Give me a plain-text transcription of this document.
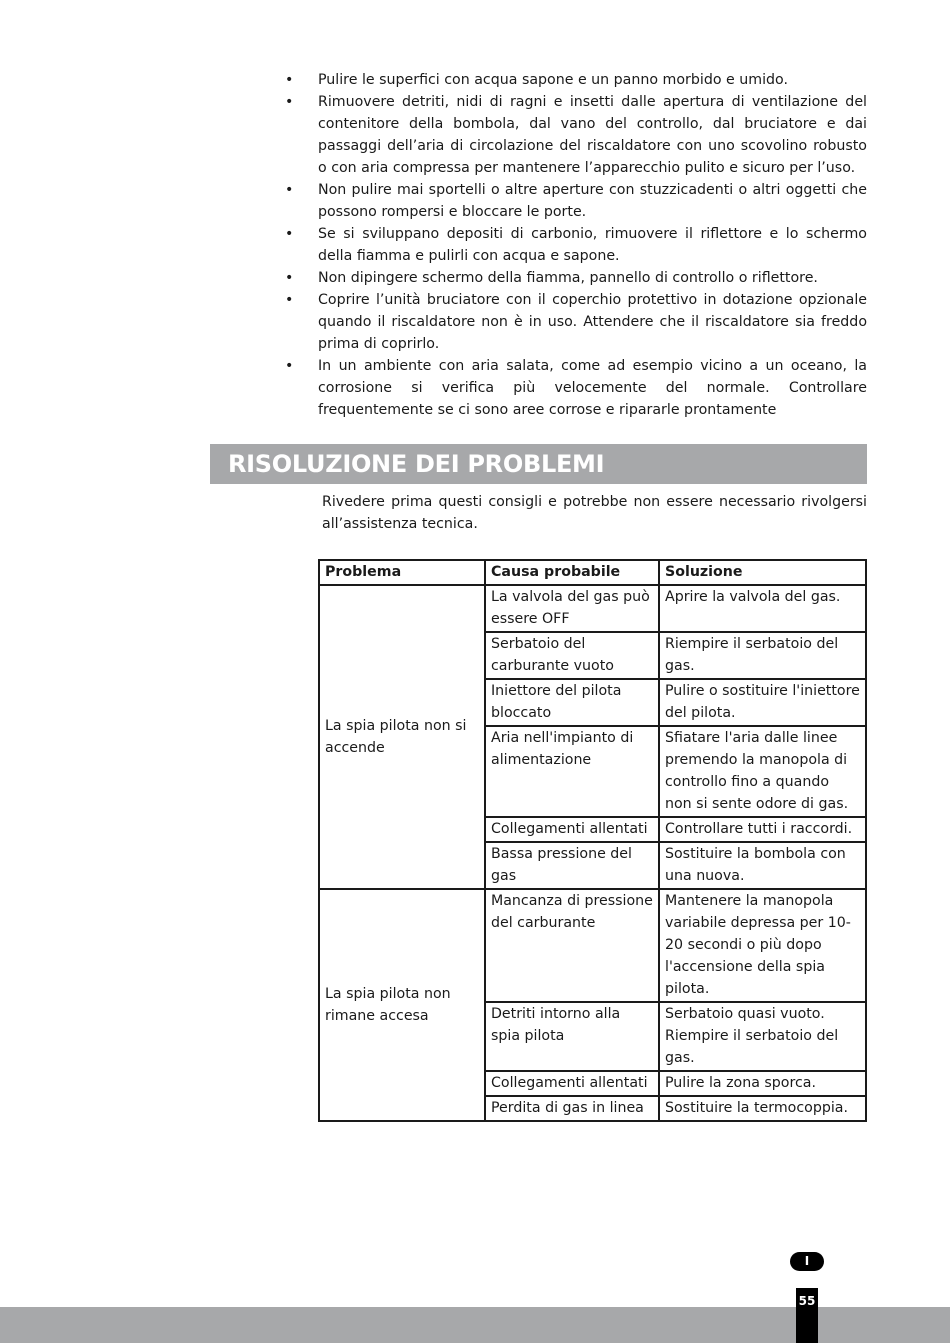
• Pulire le superfici con acqua sapone e un panno morbido e umido.
• Rimuovere detriti, nidi di ragni e insetti dalle apertura di ventilazione del contenitore della bombola, dal vano del controllo, dal bruciatore e dai passaggi dell’aria di circolazione del riscaldatore con uno scovolino robusto o con aria compressa per mantenere l’apparecchio pulito e sicuro per l’uso.
• Non pulire mai sportelli o altre aperture con stuzzicadenti o altri oggetti che possono rompersi e bloccare le porte.
• Se si sviluppano depositi di carbonio, rimuovere il riflettore e lo schermo della fiamma e pulirli con acqua e sapone.
• Non dipingere schermo della fiamma, pannello di controllo o riflettore.
• Coprire l’unità bruciatore con il coperchio protettivo in dotazione opzionale quando il riscaldatore non è in uso. Attendere che il riscaldatore sia freddo prima di coprirlo.
• In un ambiente con aria salata, come ad esempio vicino a un oceano, la corrosione si verifica più velocemente del normale. Controllare frequentemente se ci sono aree corrose e ripararle prontamente
RISOLUZIONE DEI PROBLEMI

Rivedere prima questi consigli e potrebbe non essere necessario rivolgersi all’assistenza tecnica.

Problema	Causa probabile	Soluzione
La spia pilota non si accende	La valvola del gas può essere OFF	Aprire la valvola del gas.
	Serbatoio del carburante vuoto	Riempire il serbatoio del gas.
	Iniettore del pilota bloccato	Pulire o sostituire l'iniettore del pilota.
	Aria nell'impianto di alimentazione	Sfiatare l'aria dalle linee premendo la manopola di controllo fino a quando non si sente odore di gas.
	Collegamenti allentati	Controllare tutti i raccordi.
	Bassa pressione del gas	Sostituire la bombola con una nuova.
La spia pilota non rimane accesa	Mancanza di pressione del carburante	Mantenere la manopola variabile depressa per 10-20 secondi o più dopo l'accensione della spia pilota.
	Detriti intorno alla spia pilota	Serbatoio quasi vuoto. Riempire il serbatoio del gas.
	Collegamenti allentati	Pulire la zona sporca.
	Perdita di gas in linea	Sostituire la termocoppia.
I
55
